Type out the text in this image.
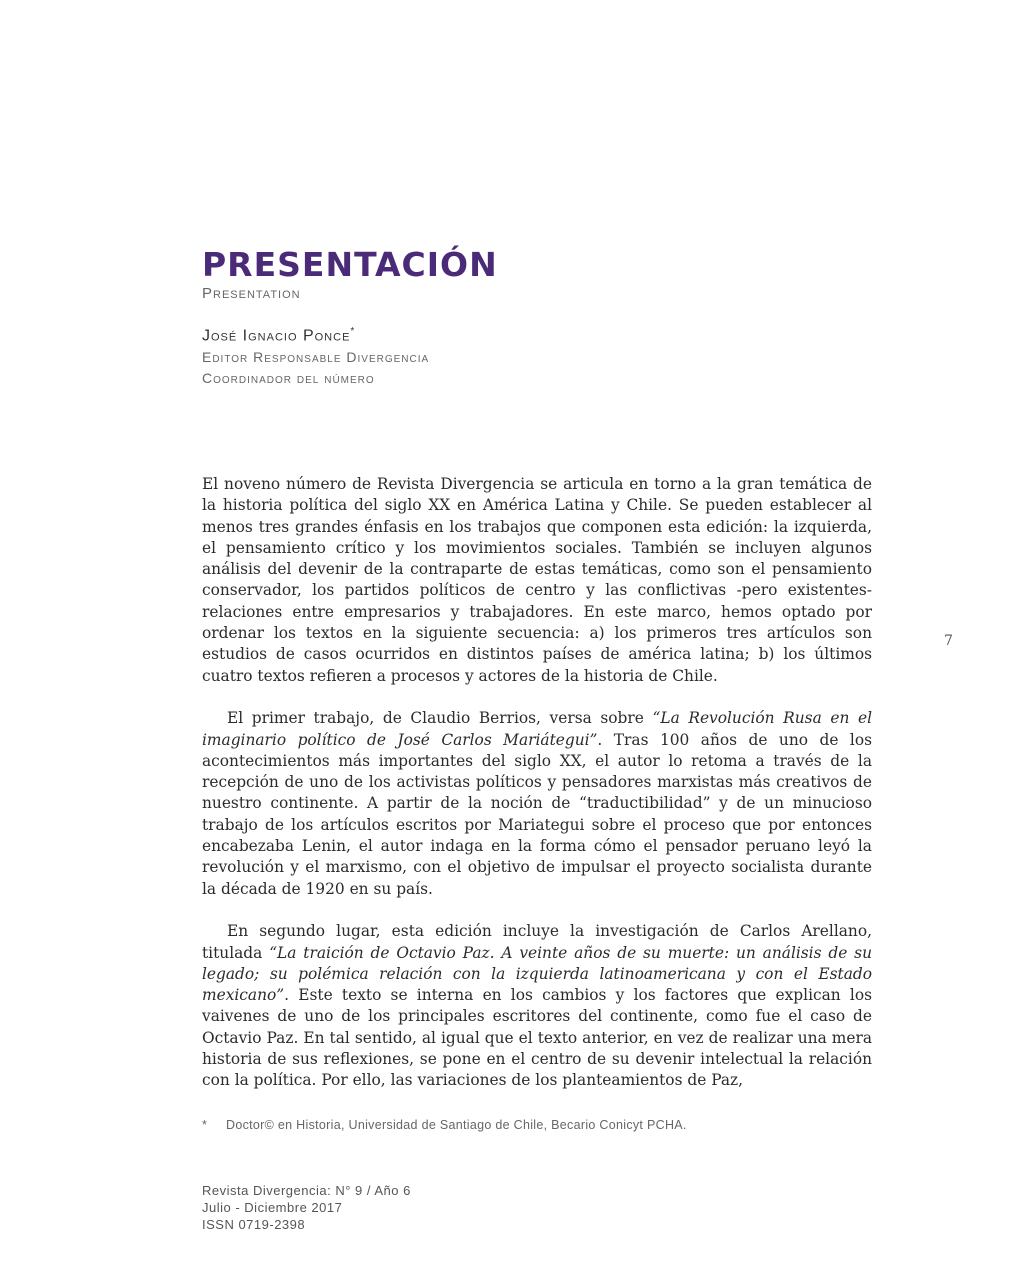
PRESENTACIÓN
Presentation
José Ignacio Ponce*
Editor Responsable Divergencia
Coordinador del número

El noveno número de Revista Divergencia se articula en torno a la gran temática de la historia política del siglo XX en América Latina y Chile. Se pueden establecer al menos tres grandes énfasis en los trabajos que componen esta edición: la izquierda, el pensamiento crítico y los movimientos sociales. También se incluyen algunos análisis del devenir de la contraparte de estas temáticas, como son el pensamiento conservador, los partidos políticos de centro y las conflictivas -pero existentes- relaciones entre empresarios y trabajadores. En este marco, hemos optado por ordenar los textos en la siguiente secuencia: a) los primeros tres artículos son estudios de casos ocurridos en distintos países de américa latina; b) los últimos cuatro textos refieren a procesos y actores de la historia de Chile.

El primer trabajo, de Claudio Berrios, versa sobre “La Revolución Rusa en el imaginario político de José Carlos Mariátegui”. Tras 100 años de uno de los acontecimientos más importantes del siglo XX, el autor lo retoma a través de la recepción de uno de los activistas políticos y pensadores marxistas más creativos de nuestro continente. A partir de la noción de “traductibilidad” y de un minucioso trabajo de los artículos escritos por Mariategui sobre el proceso que por entonces encabezaba Lenin, el autor indaga en la forma cómo el pensador peruano leyó la revolución y el marxismo, con el objetivo de impulsar el proyecto socialista durante la década de 1920 en su país.

En segundo lugar, esta edición incluye la investigación de Carlos Arellano, titulada “La traición de Octavio Paz. A veinte años de su muerte: un análisis de su legado; su polémica relación con la izquierda latinoamericana y con el Estado mexicano”. Este texto se interna en los cambios y los factores que explican los vaivenes de uno de los principales escritores del continente, como fue el caso de Octavio Paz. En tal sentido, al igual que el texto anterior, en vez de realizar una mera historia de sus reflexiones, se pone en el centro de su devenir intelectual la relación con la política. Por ello, las variaciones de los planteamientos de Paz,

7
* Doctor© en Historia, Universidad de Santiago de Chile, Becario Conicyt PCHA.
Revista Divergencia: N° 9 / Año 6
Julio - Diciembre 2017
ISSN 0719-2398
